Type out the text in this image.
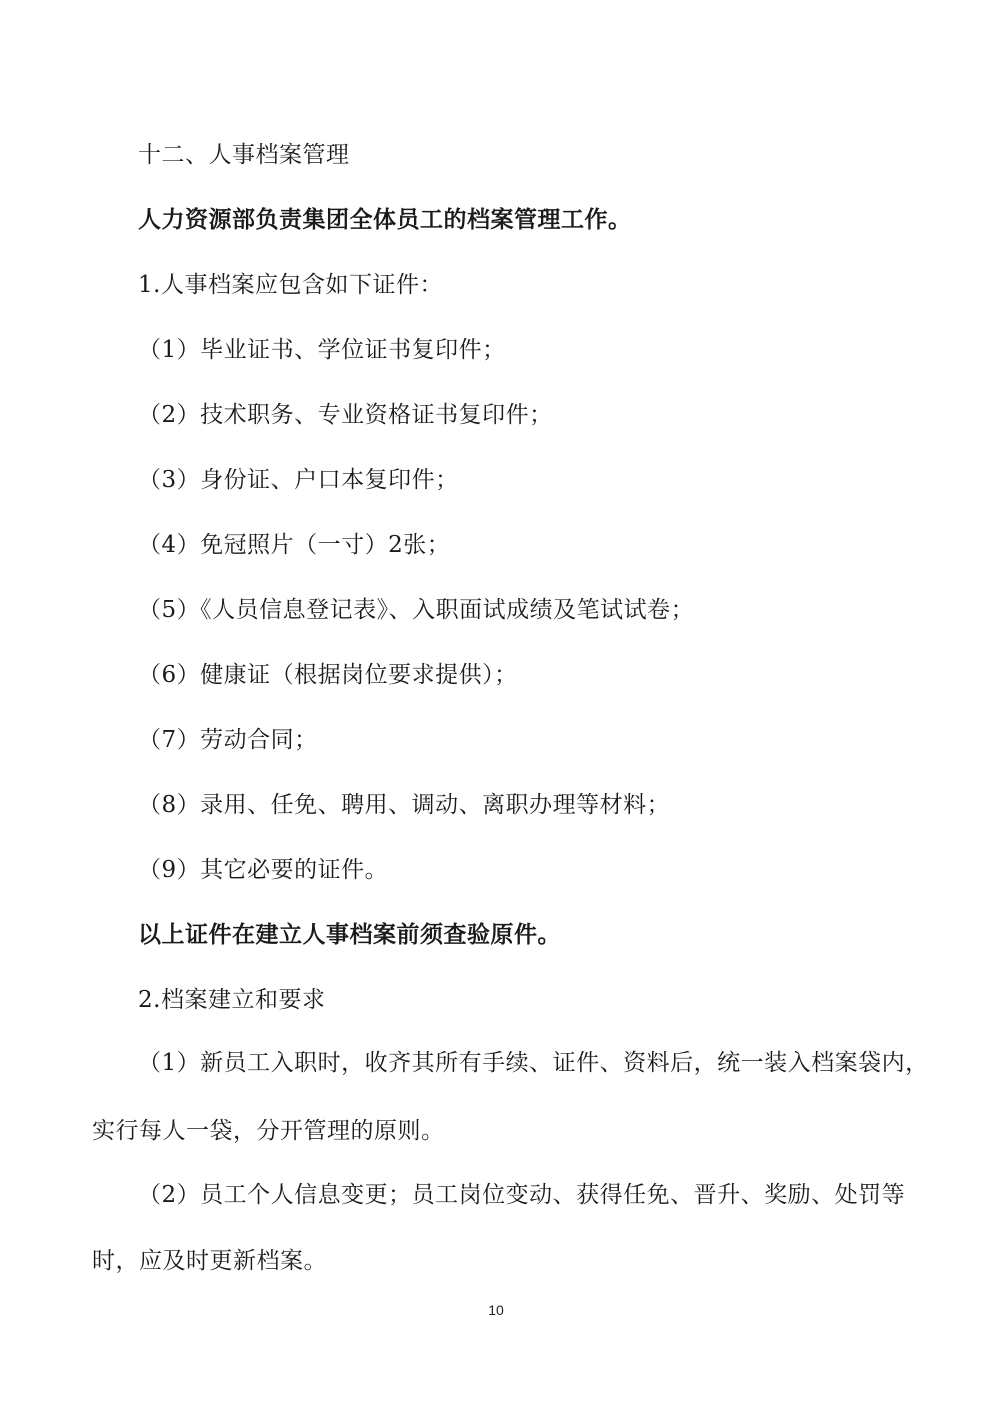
十二、人事档案管理
人力资源部负责集团全体员工的档案管理工作。
1.人事档案应包含如下证件：
（1）毕业证书、学位证书复印件；
（2）技术职务、专业资格证书复印件；
（3）身份证、户口本复印件；
（4）免冠照片（一寸）2张；
（5）《人员信息登记表》、入职面试成绩及笔试试卷；
（6）健康证（根据岗位要求提供）；
（7）劳动合同；
（8）录用、任免、聘用、调动、离职办理等材料；
（9）其它必要的证件。
以上证件在建立人事档案前须查验原件。
2.档案建立和要求
（1）新员工入职时，收齐其所有手续、证件、资料后，统一装入档案袋内，
实行每人一袋，分开管理的原则。
（2）员工个人信息变更；员工岗位变动、获得任免、晋升、奖励、处罚等
时，应及时更新档案。
10
